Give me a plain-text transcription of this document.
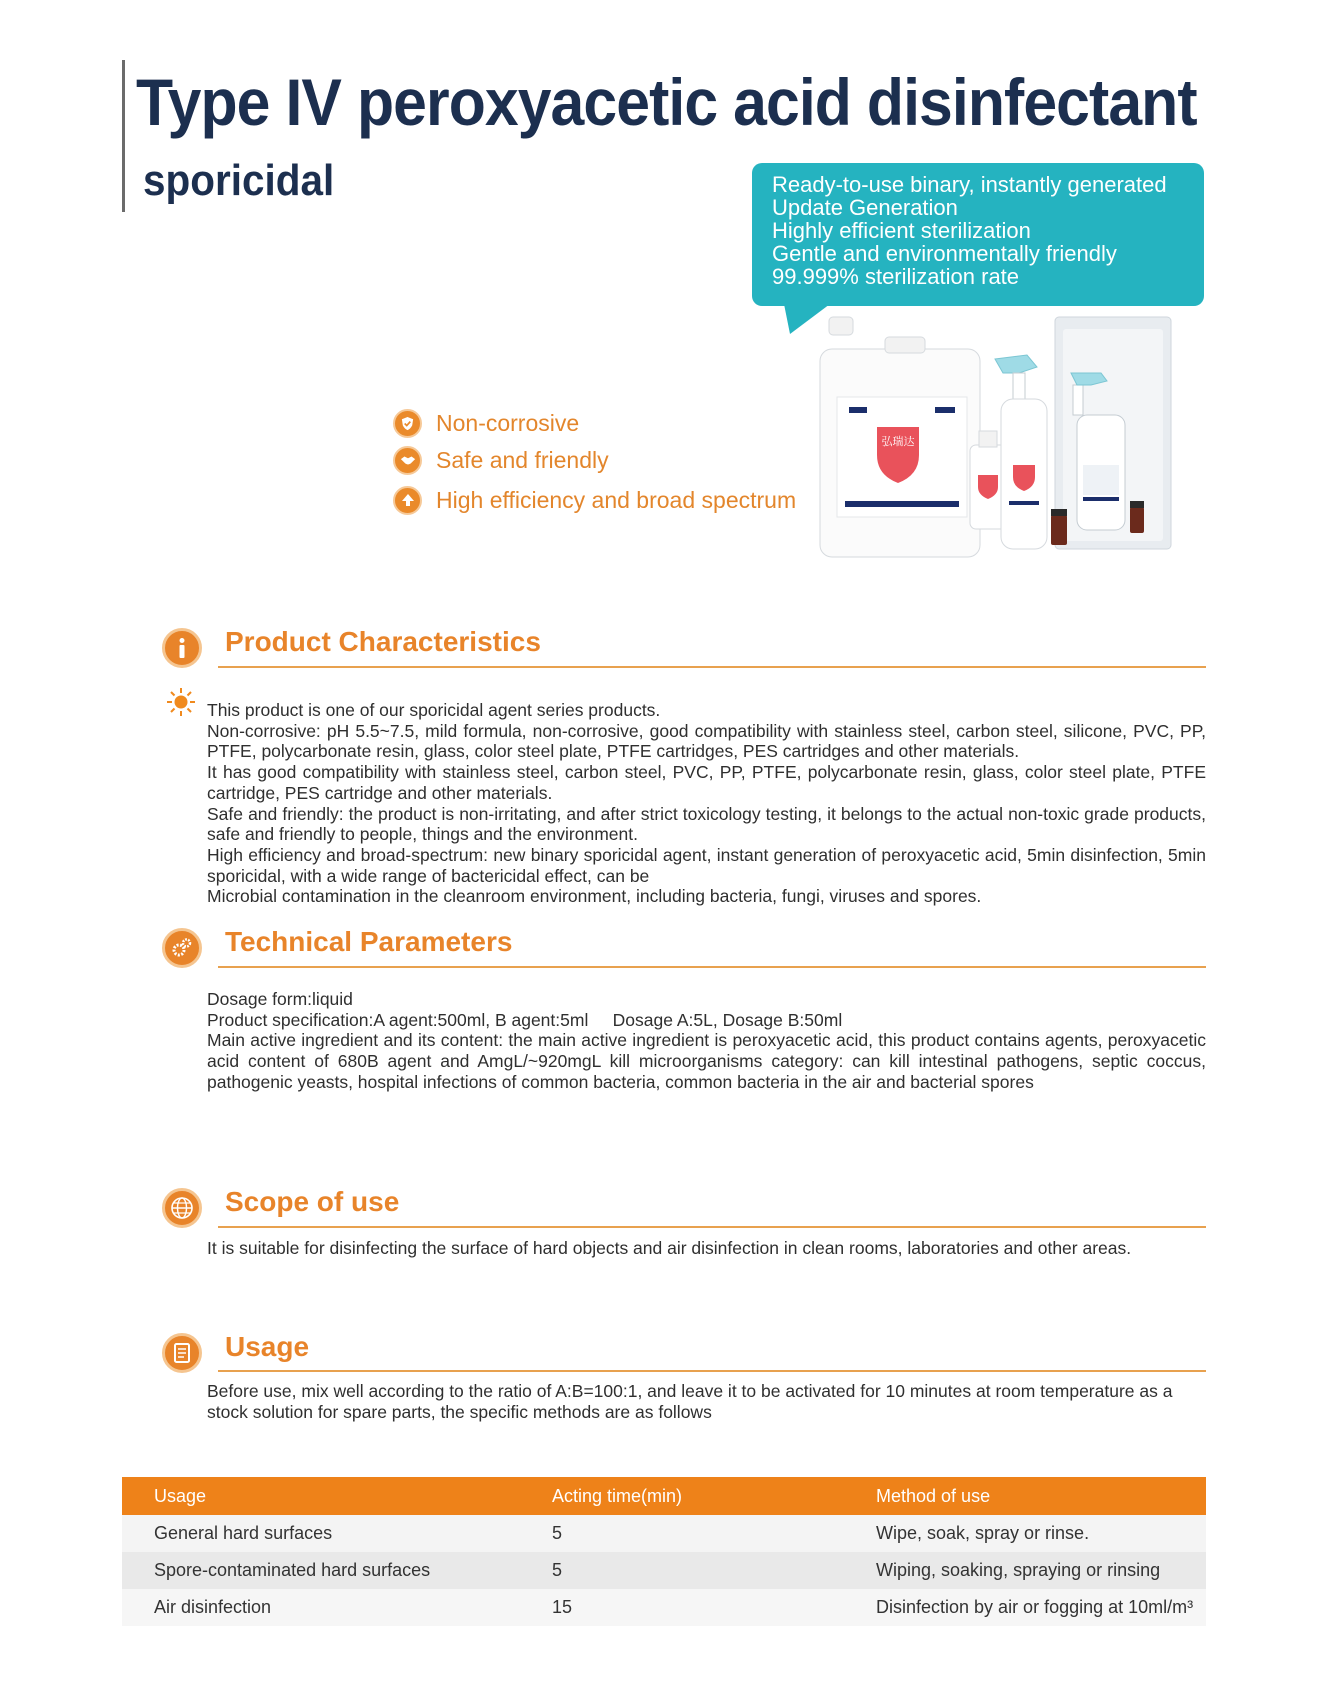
Type IV peroxyacetic acid disinfectant
sporicidal	Ready-to-use binary, instantly generated
Update Generation
Highly efficient sterilization
Gentle and environmentally friendly
99.999% sterilization rate
Non-corrosive
Safe and friendly
High efficiency and broad spectrum
弘瑞达
Product Characteristics
This product is one of our sporicidal agent series products.
Non-corrosive: pH 5.5~7.5, mild formula, non-corrosive, good compatibility with stainless steel, carbon steel, silicone, PVC, PP, PTFE, polycarbonate resin, glass, color steel plate, PTFE cartridges, PES cartridges and other materials.
It has good compatibility with stainless steel, carbon steel, PVC, PP, PTFE, polycarbonate resin, glass, color steel plate, PTFE cartridge, PES cartridge and other materials.
Safe and friendly: the product is non-irritating, and after strict toxicology testing, it belongs to the actual non-toxic grade products, safe and friendly to people, things and the environment.
High efficiency and broad-spectrum: new binary sporicidal agent, instant generation of peroxyacetic acid, 5min disinfection, 5min sporicidal, with a wide range of bactericidal effect, can be
Microbial contamination in the cleanroom environment, including bacteria, fungi, viruses and spores.
Technical Parameters
Dosage form:liquid
Product specification:A agent:500ml, B agent:5ml     Dosage A:5L, Dosage B:50ml
Main active ingredient and its content: the main active ingredient is peroxyacetic acid, this product contains agents, peroxyacetic acid content of 680B agent and AmgL/~920mgL kill microorganisms category: can kill intestinal pathogens, septic coccus, pathogenic yeasts, hospital infections of common bacteria, common bacteria in the air and bacterial spores
Scope of use
It is suitable for disinfecting the surface of hard objects and air disinfection in clean rooms, laboratories and other areas.
Usage
Before use, mix well according to the ratio of A:B=100:1, and leave it to be activated for 10 minutes at room temperature as a stock solution for spare parts, the specific methods are as follows
Usage	Acting time(min)	Method of use
General hard surfaces	5	Wipe, soak, spray or rinse.
Spore-contaminated hard surfaces	5	Wiping, soaking, spraying or rinsing
Air disinfection	15	Disinfection by air or fogging at 10ml/m³
